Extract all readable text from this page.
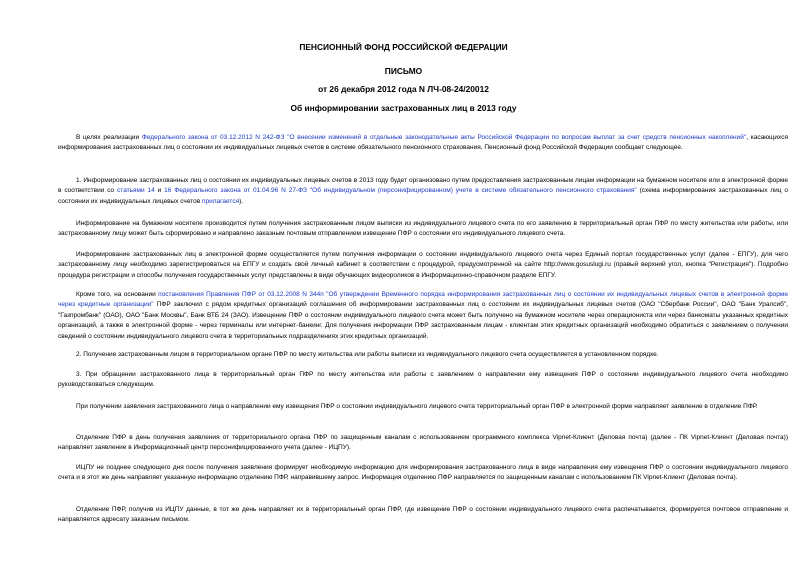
ПЕНСИОННЫЙ ФОНД РОССИЙСКОЙ ФЕДЕРАЦИИ
ПИСЬМО
от 26 декабря 2012 года N ЛЧ-08-24/20012
Об информировании застрахованных лиц в 2013 году
В целях реализации Федерального закона от 03.12.2012 N 242-ФЗ "О внесении изменений в отдельные законодательные акты Российской Федерации по вопросам выплат за счет средств пенсионных накоплений", касающихся информирования застрахованных лиц о состоянии их индивидуальных лицевых счетов в системе обязательного пенсионного страхования, Пенсионный фонд Российской Федерации сообщает следующее.
1. Информирование застрахованных лиц о состоянии их индивидуальных лицевых счетов в 2013 году будет организовано путем предоставления застрахованным лицам информации на бумажном носителе или в электронной форме в соответствии со статьями 14 и 16 Федерального закона от 01.04.96 N 27-ФЗ "Об индивидуальном (персонифицированном) учете в системе обязательного пенсионного страхования" (схема информирования застрахованных лиц о состоянии их индивидуальных лицевых счетов прилагается).
Информирование на бумажном носителе производится путем получения застрахованным лицом выписки из индивидуального лицевого счета по его заявлению в территориальный орган ПФР по месту жительства или работы, или застрахованному лицу может быть сформировано и направлено заказным почтовым отправлением извещение ПФР о состоянии его индивидуального лицевого счета.
Информирование застрахованных лиц в электронной форме осуществляется путем получения информации о состоянии индивидуального лицевого счета через Единый портал государственных услуг (далее - ЕПГУ), для чего застрахованному лицу необходимо зарегистрироваться на ЕПГУ и создать свой личный кабинет в соответствии с процедурой, предусмотренной на сайте http://www.gosuslugi.ru (правый верхний угол, кнопка "Регистрация"). Подробно процедура регистрации и способы получения государственных услуг представлены в виде обучающих видеороликов в Информационно-справочном разделе ЕПГУ.
Кроме того, на основании постановления Правления ПФР от 03.12.2008 N 344п "Об утверждении Временного порядка информирования застрахованных лиц о состоянии их индивидуальных лицевых счетов в электронной форме через кредитные организации" ПФР заключил с рядом кредитных организаций соглашения об информировании застрахованных лиц о состоянии их индивидуальных лицевых счетов (ОАО "Сбербанк России", ОАО "Банк Уралсиб", "Газпромбанк" (ОАО), ОАО "Банк Москвы", Банк ВТБ 24 (ЗАО). Извещение ПФР о состоянии индивидуального лицевого счета может быть получено на бумажном носителе через операциониста или через банкоматы указанных кредитных организаций, а также в электронной форме - через терминалы или интернет-банкинг. Для получения информации ПФР застрахованным лицам - клиентам этих кредитных организаций необходимо обратиться с заявлением о получении сведений о состоянии индивидуального лицевого счета в территориальных подразделениях этих кредитных организаций.
2. Получение застрахованным лицом в территориальном органе ПФР по месту жительства или работы выписки из индивидуального лицевого счета осуществляется в установленном порядке.
3. При обращении застрахованного лица в территориальный орган ПФР по месту жительства или работы с заявлением о направлении ему извещения ПФР о состоянии индивидуального лицевого счета необходимо руководствоваться следующим.
При получении заявления застрахованного лица о направлении ему извещения ПФР о состоянии индивидуального лицевого счета территориальный орган ПФР в электронной форме направляет заявление в отделение ПФР.
Отделение ПФР в день получения заявления от территориального органа ПФР по защищенным каналам с использованием программного комплекса Vipnet-Клиент (Деловая почта) (далее - ПК Vipnet-Клиент (Деловая почта)) направляет заявление в Информационный центр персонифицированного учета (далее - ИЦПУ).
ИЦПУ не позднее следующего дня после получения заявления формирует необходимую информацию для информирования застрахованного лица в виде направления ему извещения ПФР о состоянии индивидуального лицевого счета и в этот же день направляет указанную информацию отделению ПФР, направившему запрос. Информация отделению ПФР направляется по защищенным каналам с использованием ПК Vipnet-Клиент (Деловая почта).
Отделение ПФР, получив из ИЦПУ данные, в тот же день направляет их в территориальный орган ПФР, где извещение ПФР о состоянии индивидуального лицевого счета распечатывается, формируется почтовое отправление и направляется адресату заказным письмом.
